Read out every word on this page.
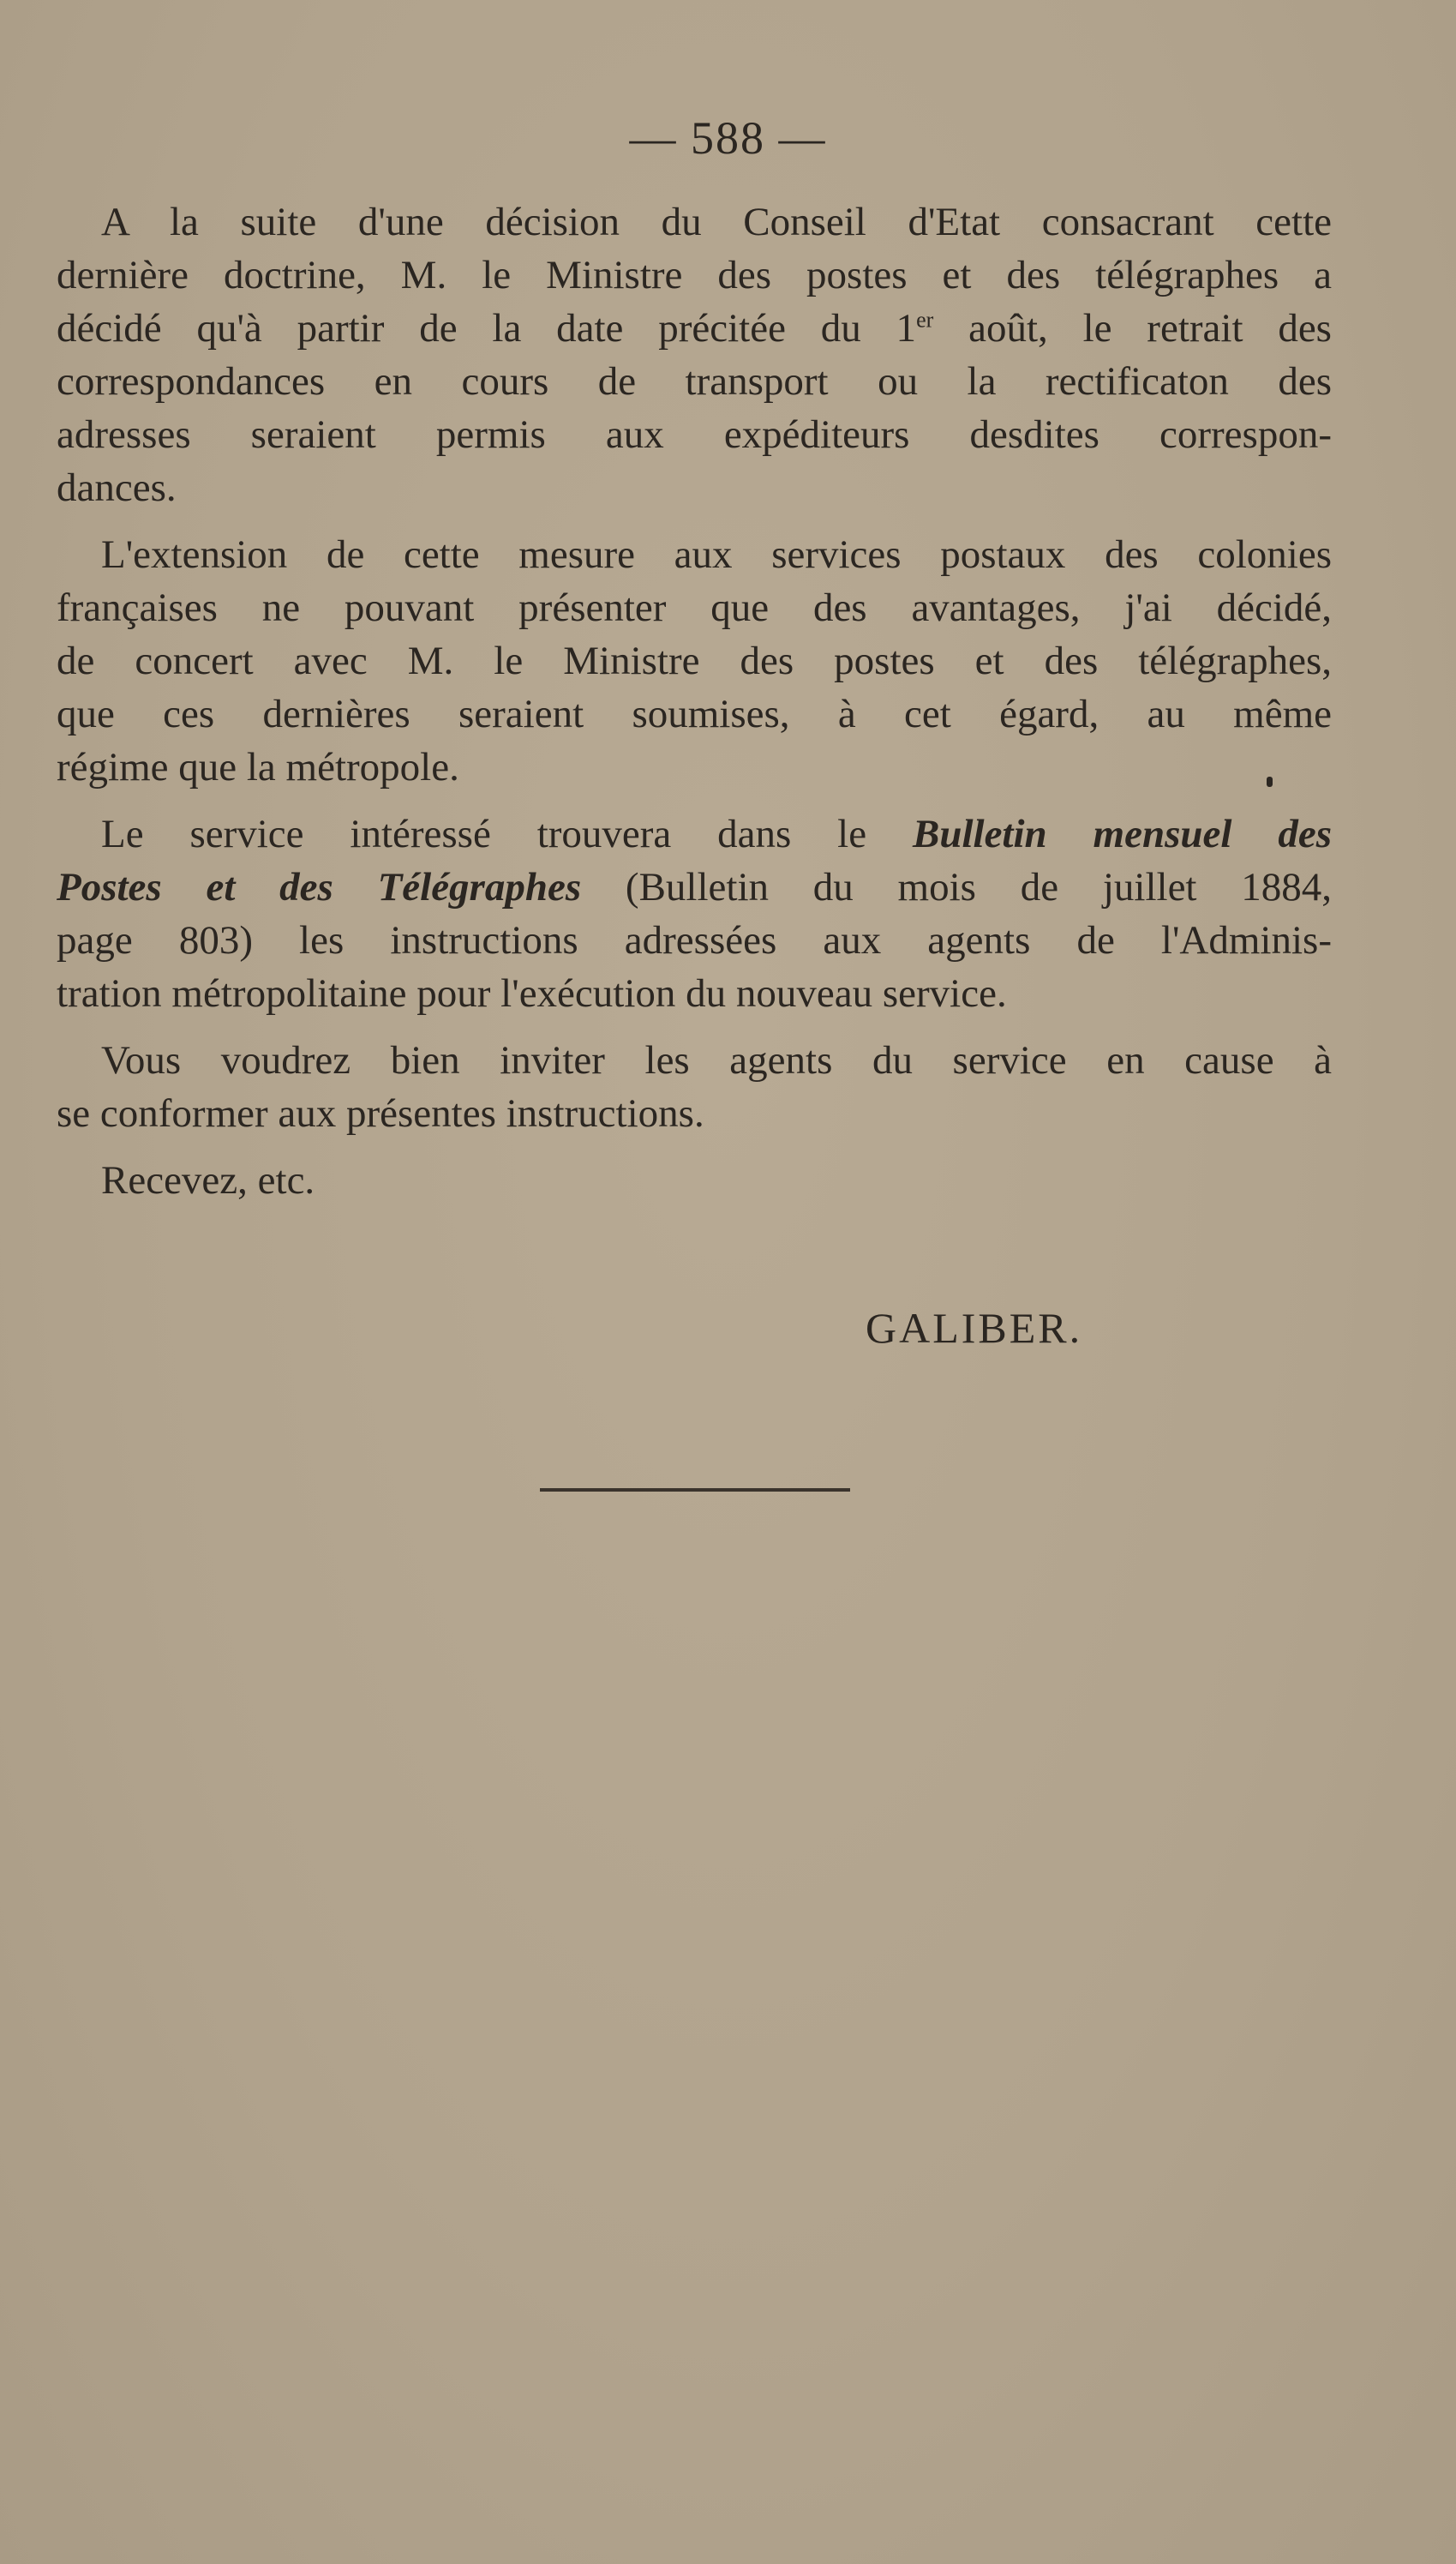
— 588 —
A la suite d'une décision du Conseil d'Etat consacrant cette
dernière doctrine, M. le Ministre des postes et des télégraphes a
décidé qu'à partir de la date précitée du 1er août, le retrait des
correspondances en cours de transport ou la rectificaton des
adresses seraient permis aux expéditeurs desdites correspon-
dances.
L'extension de cette mesure aux services postaux des colonies
françaises ne pouvant présenter que des avantages, j'ai décidé,
de concert avec M. le Ministre des postes et des télégraphes,
que ces dernières seraient soumises, à cet égard, au même
régime que la métropole.
Le service intéressé trouvera dans le Bulletin mensuel des
Postes et des Télégraphes (Bulletin du mois de juillet 1884,
page 803) les instructions adressées aux agents de l'Adminis-
tration métropolitaine pour l'exécution du nouveau service.
Vous voudrez bien inviter les agents du service en cause à
se conformer aux présentes instructions.
Recevez, etc.
GALIBER.
